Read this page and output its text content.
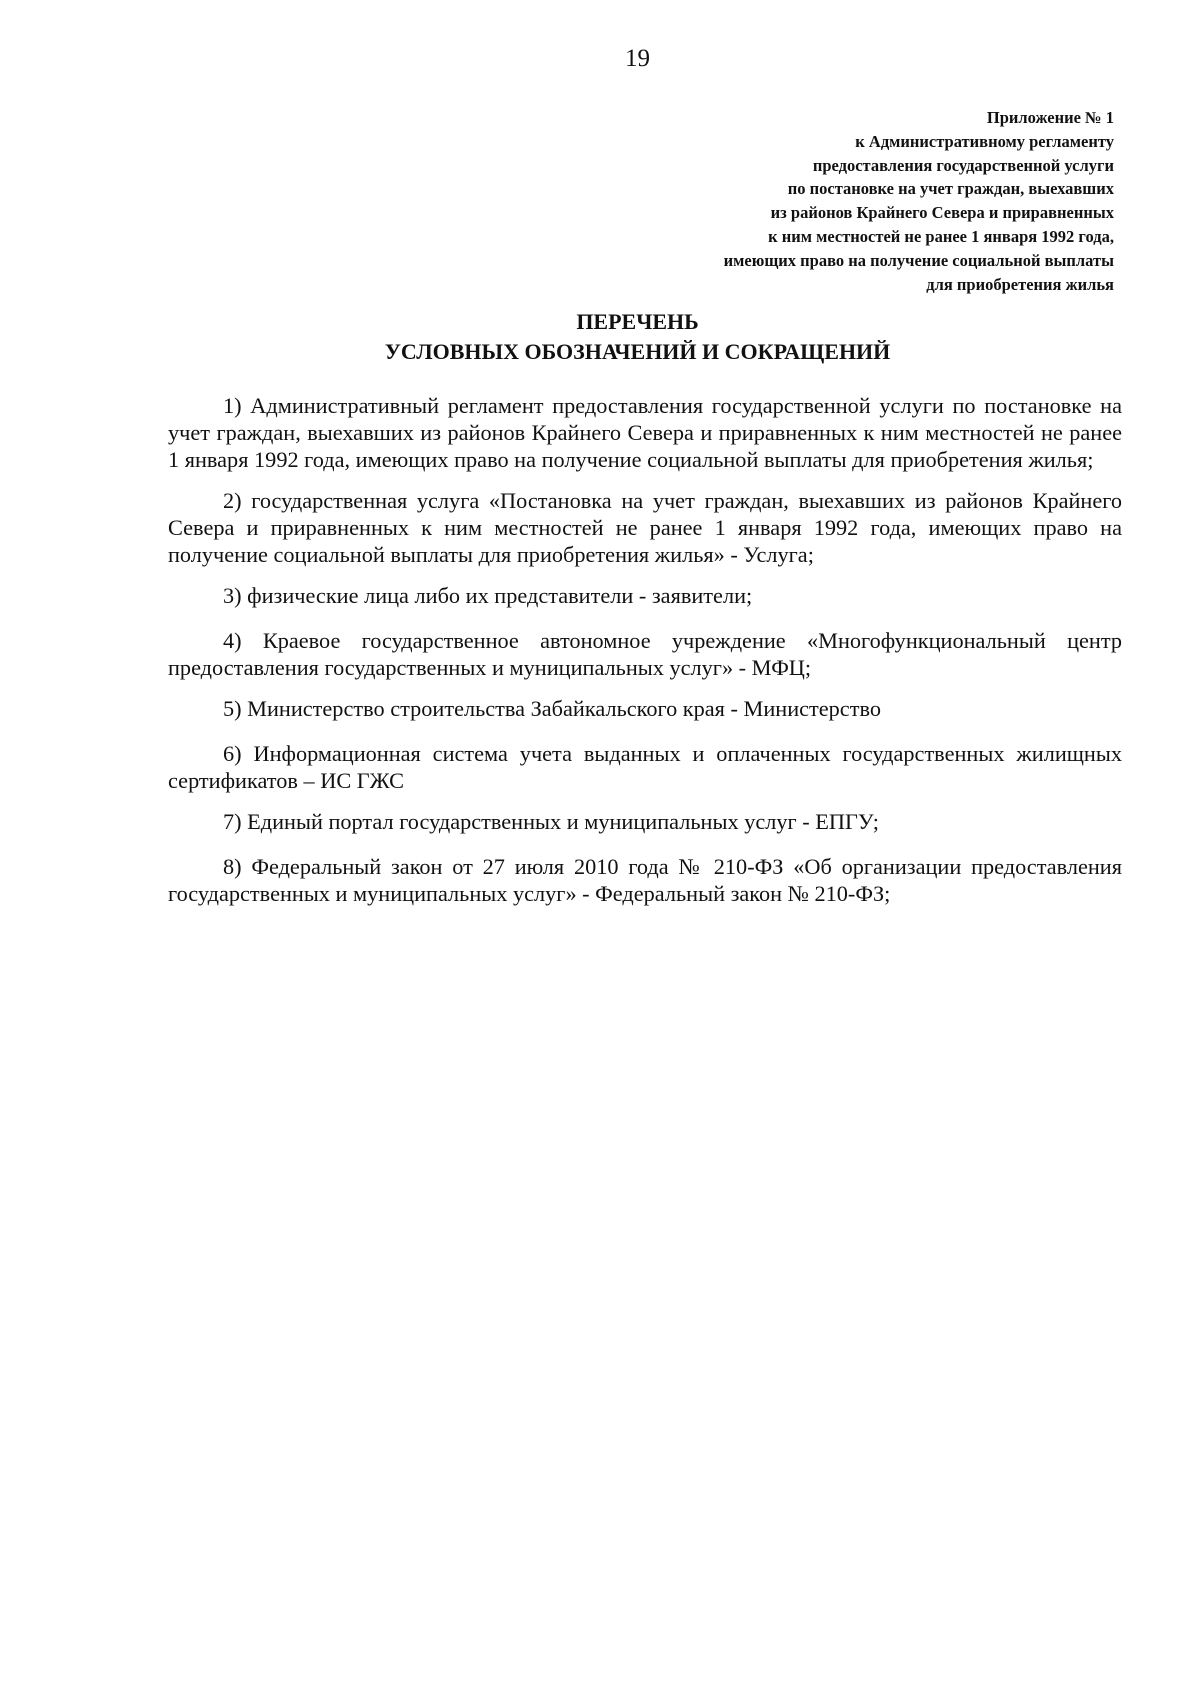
19
Приложение № 1
к Административному регламенту
предоставления государственной услуги
по постановке на учет граждан, выехавших
из районов Крайнего Севера и приравненных
к ним местностей не ранее 1 января 1992 года,
имеющих право на получение социальной выплаты
для приобретения жилья
ПЕРЕЧЕНЬ
УСЛОВНЫХ ОБОЗНАЧЕНИЙ И СОКРАЩЕНИЙ

1) Административный регламент предоставления государственной услуги по постановке на учет граждан, выехавших из районов Крайнего Севера и приравненных к ним местностей не ранее 1 января 1992 года, имеющих право на получение социальной выплаты для приобретения жилья;

2) государственная услуга «Постановка на учет граждан, выехавших из районов Крайнего Севера и приравненных к ним местностей не ранее 1 января 1992 года, имеющих право на получение социальной выплаты для приобретения жилья» - Услуга;

3) физические лица либо их представители - заявители;

4) Краевое государственное автономное учреждение «Многофункциональный центр предоставления государственных и муниципальных услуг» - МФЦ;

5) Министерство строительства Забайкальского края - Министерство

6) Информационная система учета выданных и оплаченных государственных жилищных сертификатов – ИС ГЖС

7) Единый портал государственных и муниципальных услуг - ЕПГУ;

8) Федеральный закон от 27 июля 2010 года № 210-ФЗ «Об организации предоставления государственных и муниципальных услуг» - Федеральный закон № 210-ФЗ;
